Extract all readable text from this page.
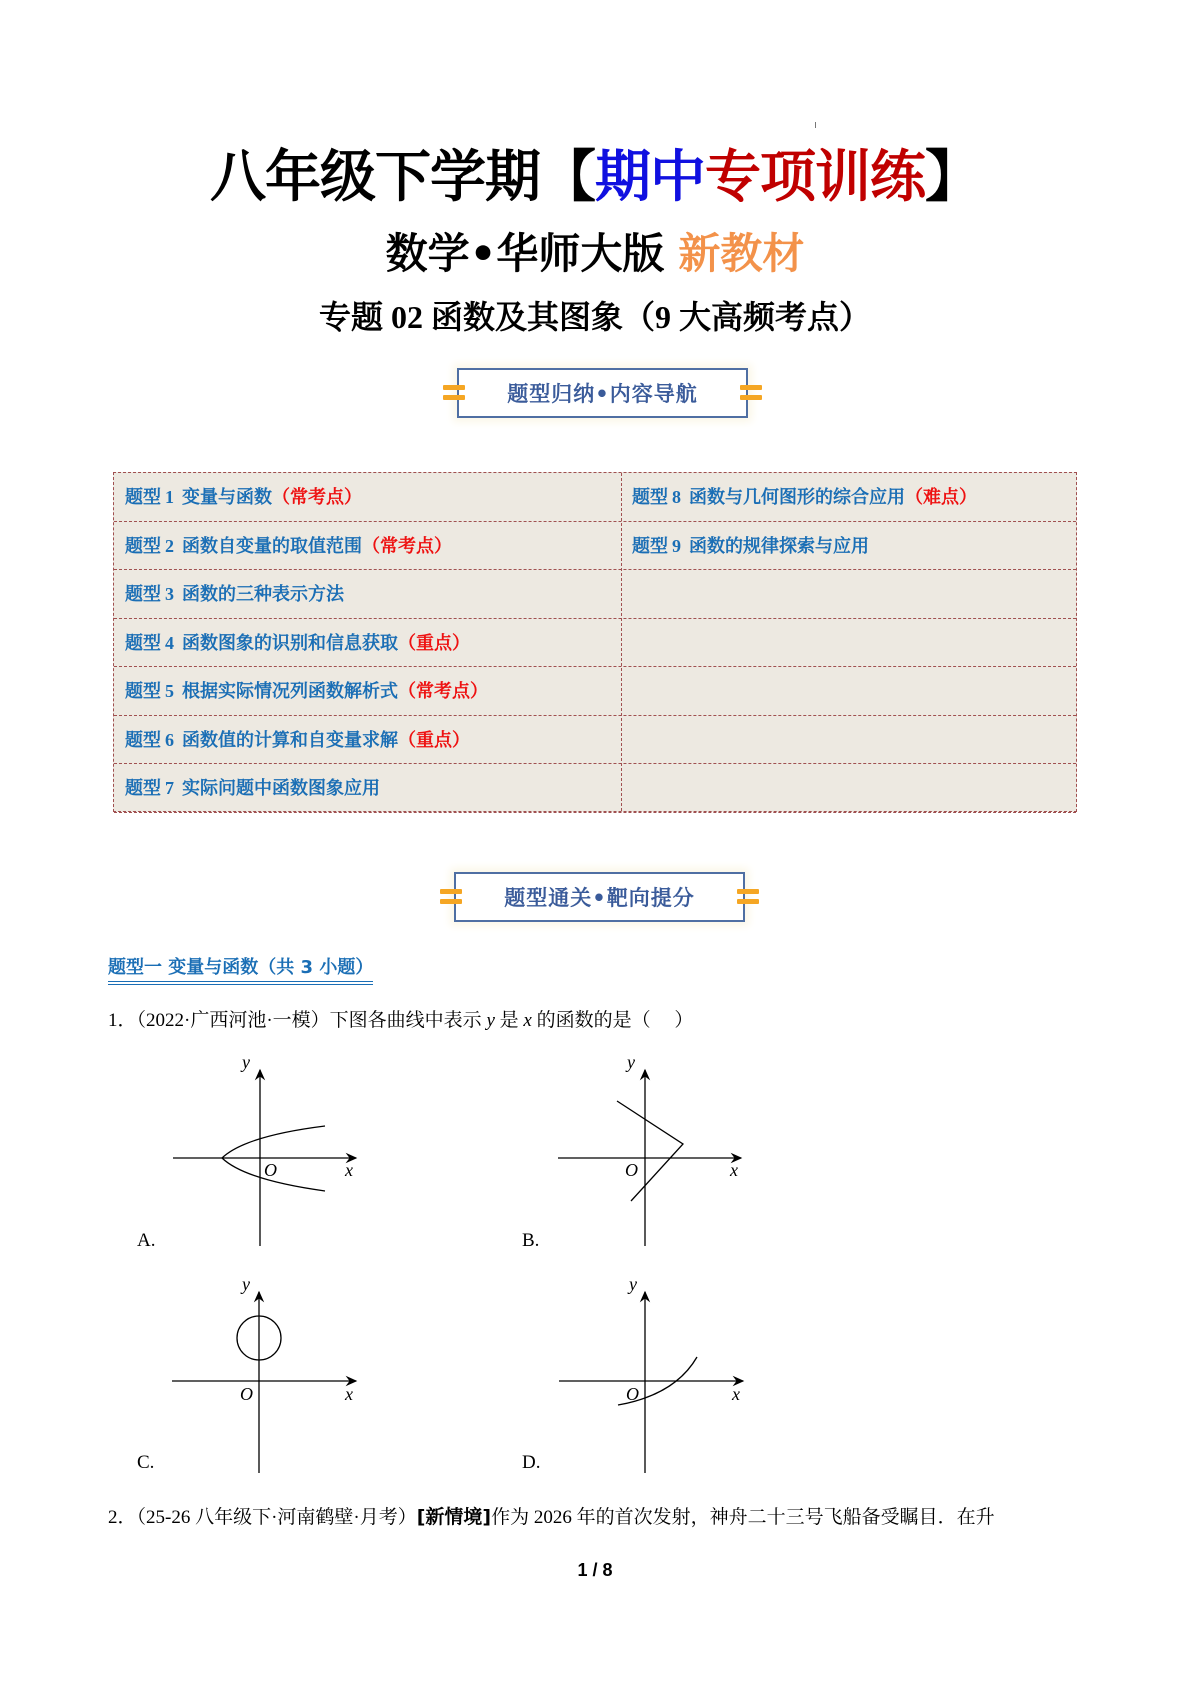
八年级下学期【期中专项训练】
数学•华师大版 新教材
专题 02 函数及其图象（9 大高频考点）
题型归纳•内容导航
题型 1 变量与函数（常考点）	题型 8 函数与几何图形的综合应用（难点）
题型 2 函数自变量的取值范围（常考点）	题型 9 函数的规律探索与应用
题型 3 函数的三种表示方法
题型 4 函数图象的识别和信息获取（重点）
题型 5 根据实际情况列函数解析式（常考点）
题型 6 函数值的计算和自变量求解（重点）
题型 7 实际问题中函数图象应用
题型通关•靶向提分
题型一 变量与函数（共 3 小题）
1．（2022·广西河池·一模）下图各曲线中表示 y 是 x 的函数的是（　 ）
y
x
O
A.
y
x
O
B.
y
x
O
C.
y
x
O
D.
2．（25-26 八年级下·河南鹤壁·月考）[新情境]作为 2026 年的首次发射，神舟二十三号飞船备受瞩目．在升
1 / 8
